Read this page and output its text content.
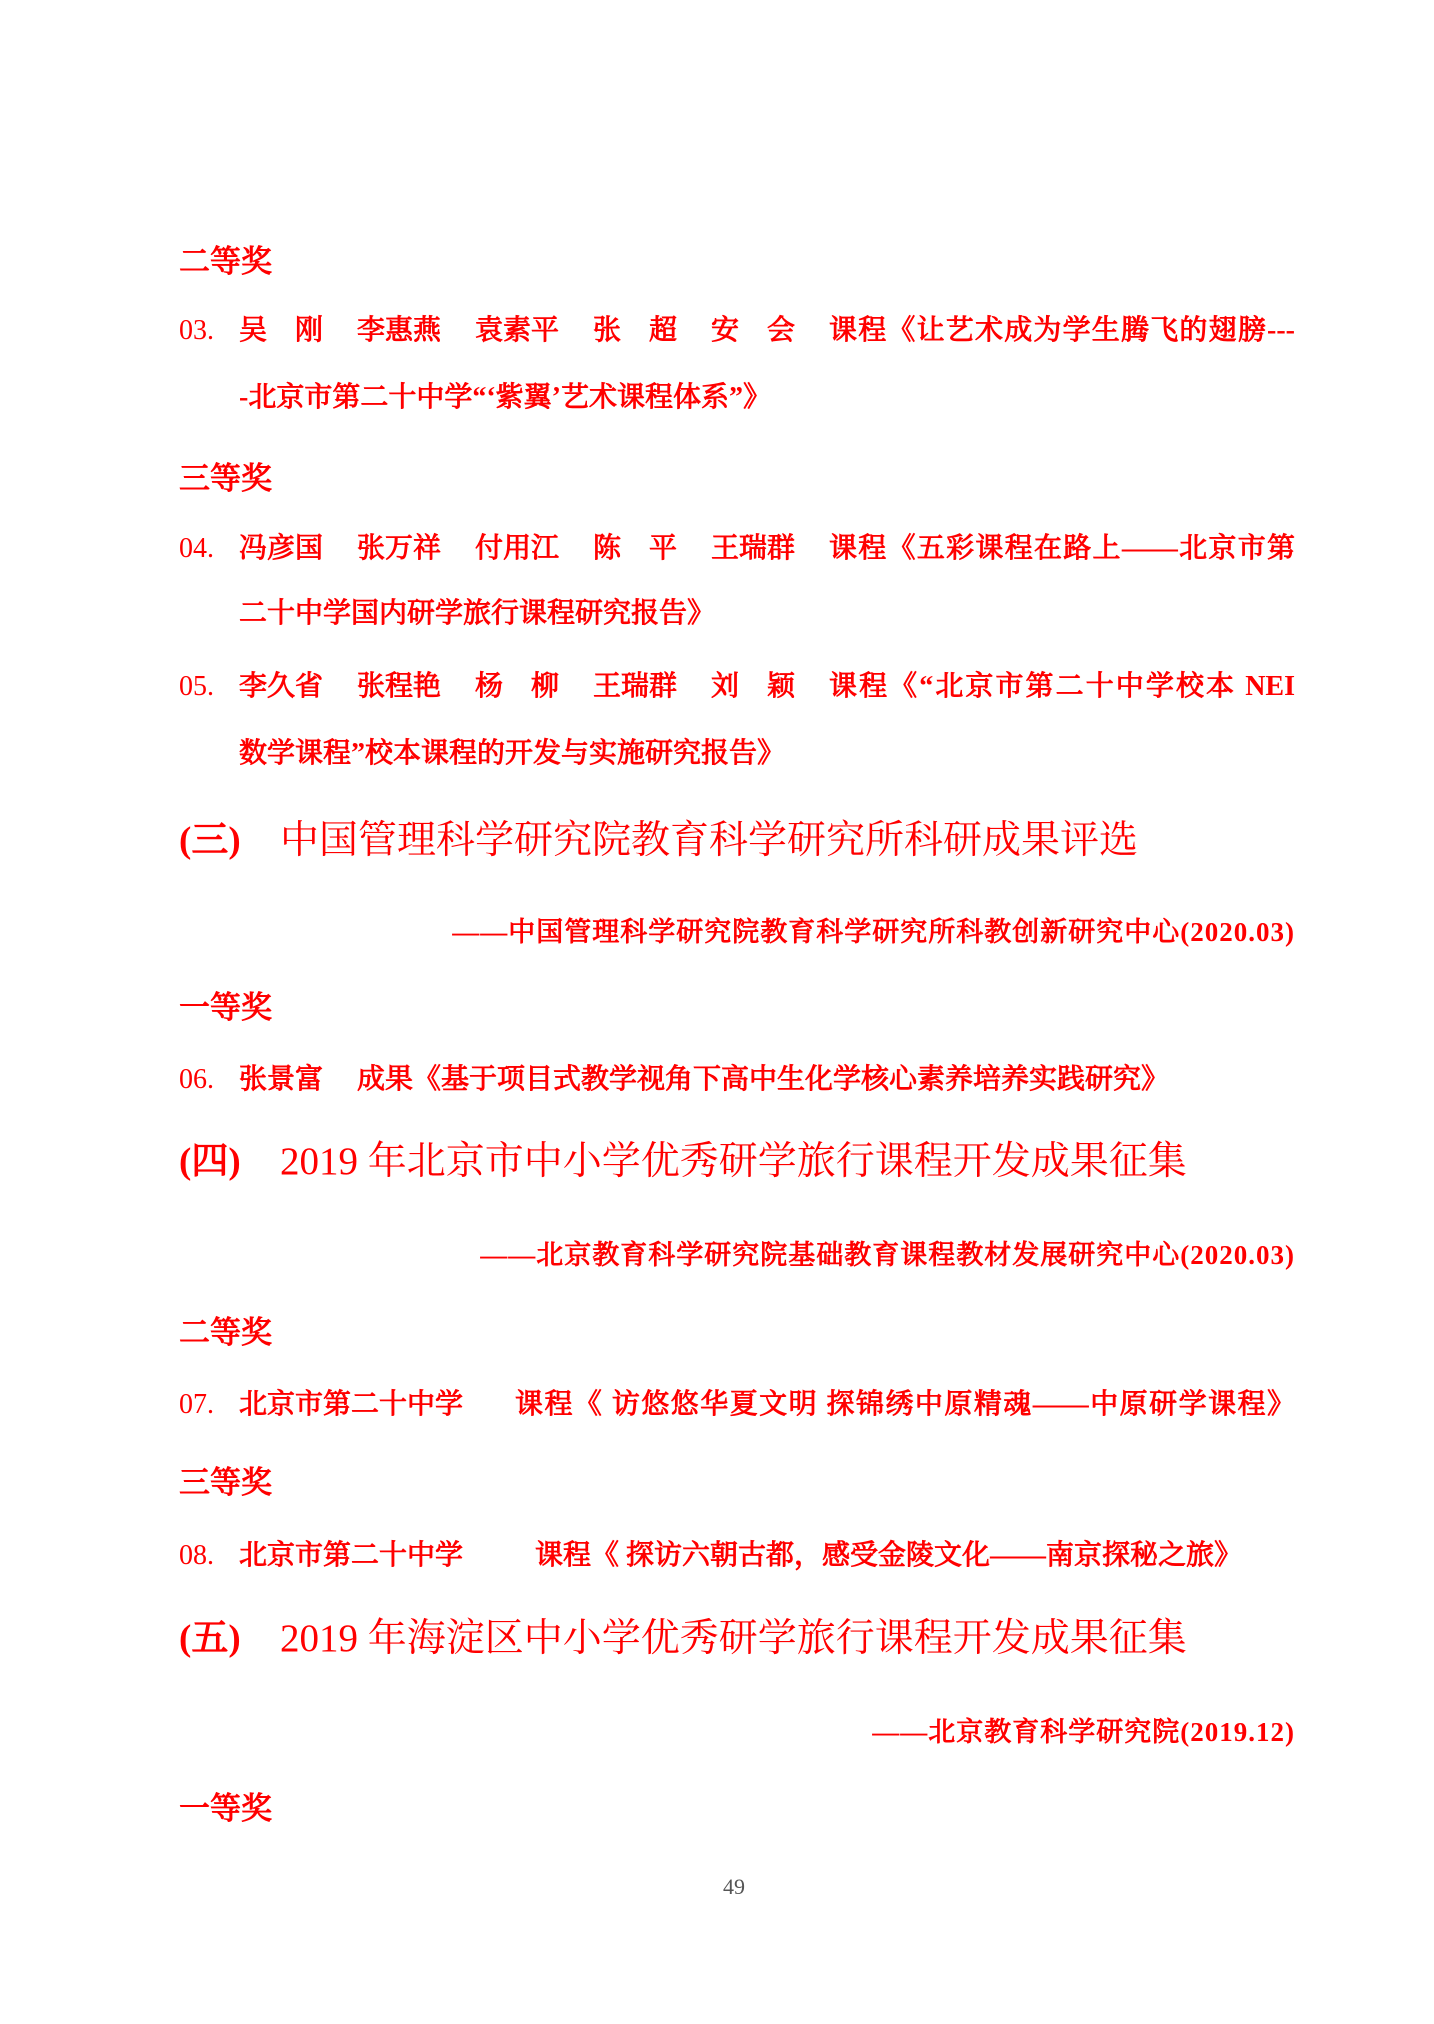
二等奖
03. 吴 刚 李惠燕 袁素平 张 超 安 会 课程《让艺术成为学生腾飞的翅膀---
-北京市第二十中学“‘紫翼’艺术课程体系”》
三等奖
04. 冯彦国 张万祥 付用江 陈 平 王瑞群 课程《五彩课程在路上——北京市第
二十中学国内研学旅行课程研究报告》
05. 李久省 张程艳 杨 柳 王瑞群 刘 颖 课程《“北京市第二十中学校本 NEI
数学课程”校本课程的开发与实施研究报告》
(三)	中国管理科学研究院教育科学研究所科研成果评选
——中国管理科学研究院教育科学研究所科教创新研究中心(2020.03)
一等奖
06. 张景富 成果《基于项目式教学视角下高中生化学核心素养培养实践研究》
(四)	2019 年北京市中小学优秀研学旅行课程开发成果征集
——北京教育科学研究院基础教育课程教材发展研究中心(2020.03)
二等奖
07. 北京市第二十中学 课程《 访悠悠华夏文明 探锦绣中原精魂——中原研学课程》
三等奖
08. 北京市第二十中学	课程《 探访六朝古都，感受金陵文化——南京探秘之旅》
(五)	2019 年海淀区中小学优秀研学旅行课程开发成果征集
——北京教育科学研究院(2019.12)
一等奖
49
